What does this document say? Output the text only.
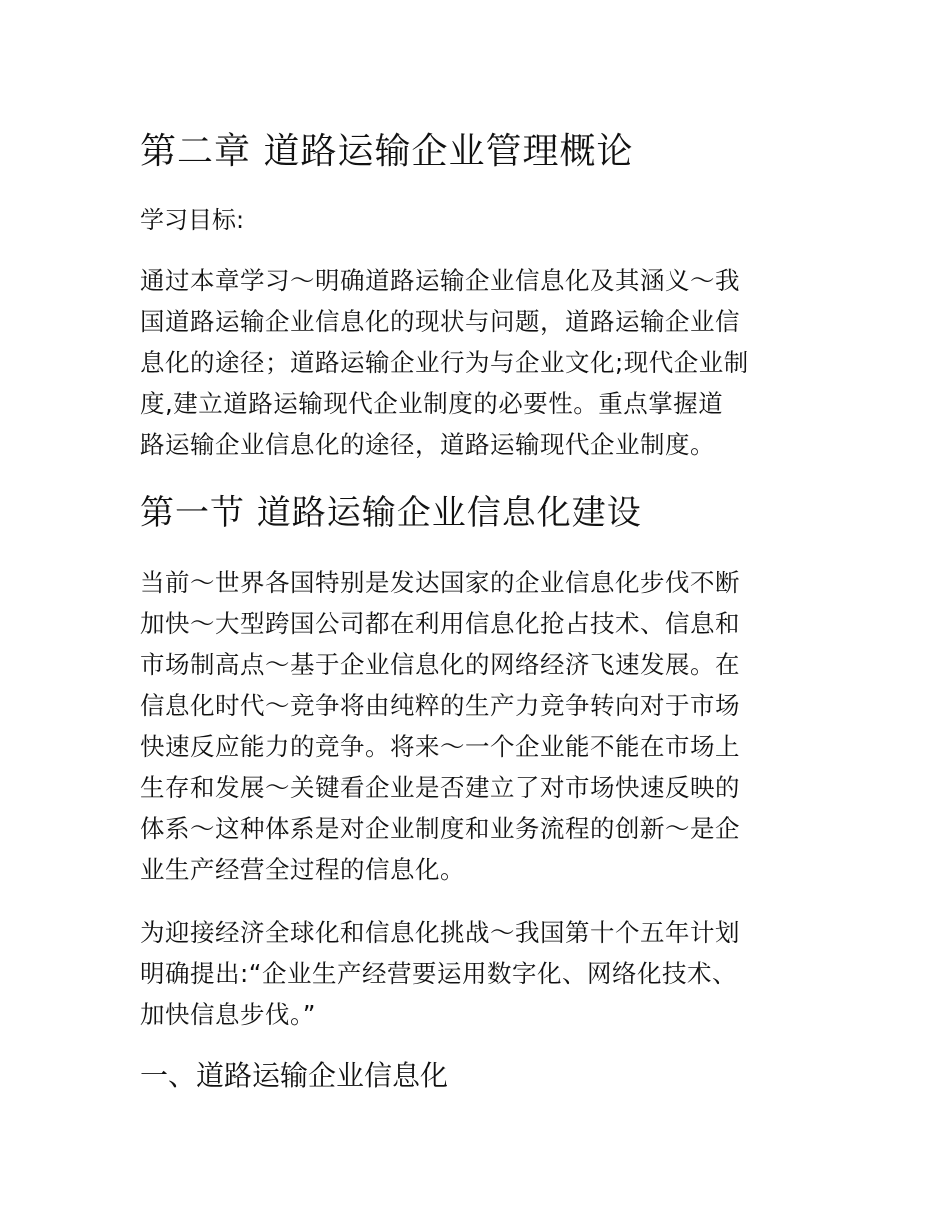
第二章 道路运输企业管理概论

学习目标:

通过本章学习～明确道路运输企业信息化及其涵义～我
国道路运输企业信息化的现状与问题，道路运输企业信
息化的途径；道路运输企业行为与企业文化;现代企业制
度,建立道路运输现代企业制度的必要性。重点掌握道
路运输企业信息化的途径，道路运输现代企业制度。

第一节 道路运输企业信息化建设

当前～世界各国特别是发达国家的企业信息化步伐不断
加快～大型跨国公司都在利用信息化抢占技术、信息和
市场制高点～基于企业信息化的网络经济飞速发展。在
信息化时代～竞争将由纯粹的生产力竞争转向对于市场
快速反应能力的竞争。将来～一个企业能不能在市场上
生存和发展～关键看企业是否建立了对市场快速反映的
体系～这种体系是对企业制度和业务流程的创新～是企
业生产经营全过程的信息化。

为迎接经济全球化和信息化挑战～我国第十个五年计划
明确提出:“企业生产经营要运用数字化、网络化技术、
加快信息步伐。”

一、道路运输企业信息化
